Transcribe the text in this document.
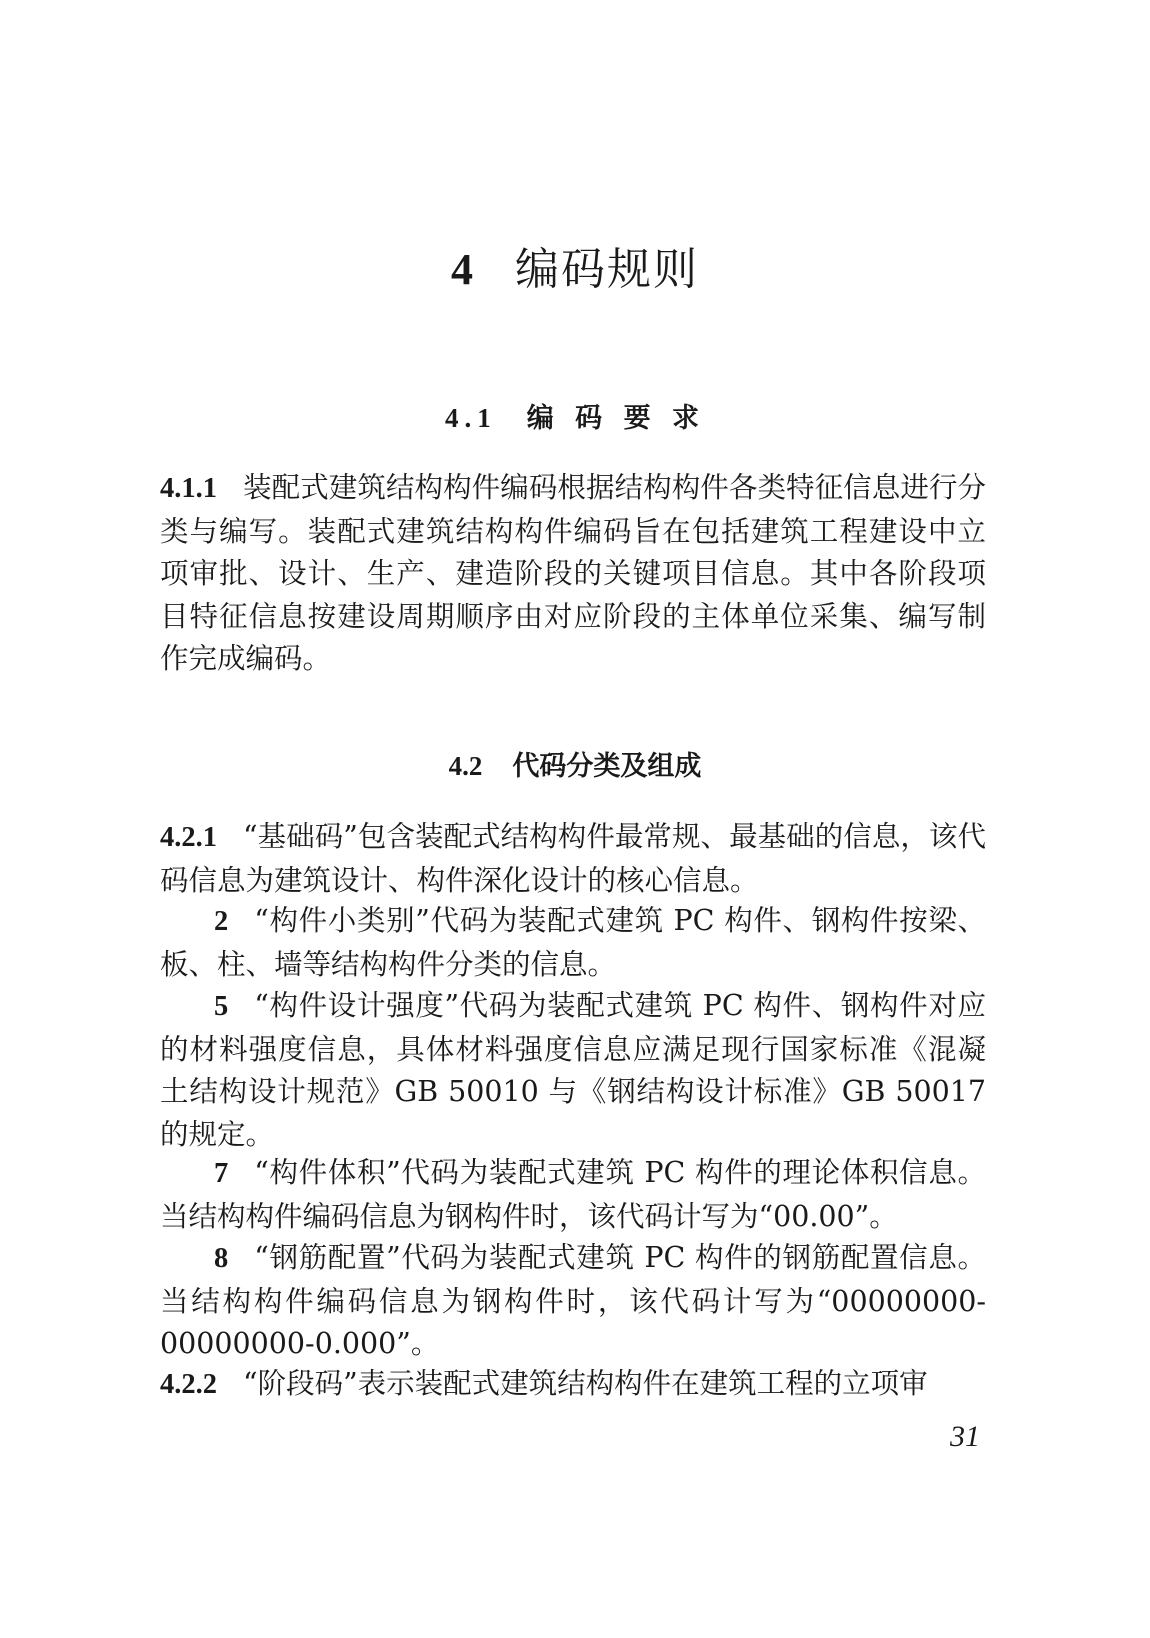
4 编码规则
4.1 编 码 要 求
4.1.1 装配式建筑结构构件编码根据结构构件各类特征信息进行分类与编写。装配式建筑结构构件编码旨在包括建筑工程建设中立项审批、设计、生产、建造阶段的关键项目信息。其中各阶段项目特征信息按建设周期顺序由对应阶段的主体单位采集、编写制作完成编码。
4.2 代码分类及组成
4.2.1 “基础码”包含装配式结构构件最常规、最基础的信息，该代码信息为建筑设计、构件深化设计的核心信息。
2 “构件小类别”代码为装配式建筑 PC 构件、钢构件按梁、板、柱、墙等结构构件分类的信息。
5 “构件设计强度”代码为装配式建筑 PC 构件、钢构件对应的材料强度信息，具体材料强度信息应满足现行国家标准《混凝土结构设计规范》GB 50010 与《钢结构设计标准》GB 50017 的规定。
7 “构件体积”代码为装配式建筑 PC 构件的理论体积信息。当结构构件编码信息为钢构件时，该代码计写为“00.00”。
8 “钢筋配置”代码为装配式建筑 PC 构件的钢筋配置信息。当结构构件编码信息为钢构件时，该代码计写为“00000000-00000000-0.000”。
4.2.2 “阶段码”表示装配式建筑结构构件在建筑工程的立项审
31
